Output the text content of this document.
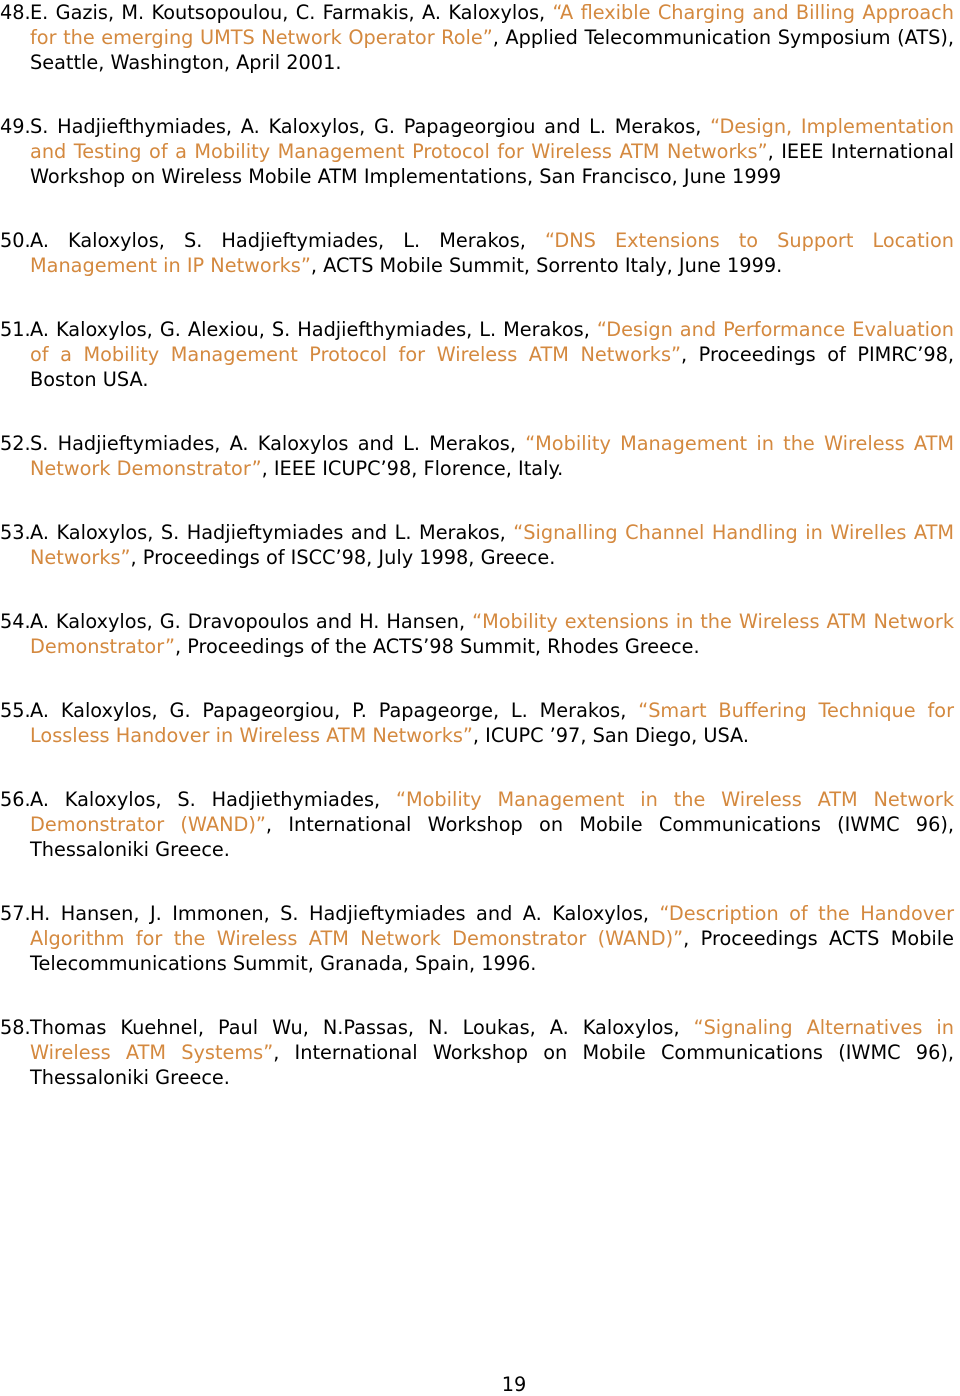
48. E. Gazis, M. Koutsopoulou, C. Farmakis, A. Kaloxylos, “A flexible Charging and Billing Approach for the emerging UMTS Network Operator Role”, Applied Telecommunication Symposium (ATS), Seattle, Washington, April 2001.
49. S. Hadjiefthymiades, A. Kaloxylos, G. Papageorgiou and L. Merakos, “Design, Implementation and Testing of a Mobility Management Protocol for Wireless ATM Networks”, IEEE International Workshop on Wireless Mobile ATM Implementations, San Francisco, June 1999
50. A. Kaloxylos, S. Hadjieftymiades, L. Merakos, “DNS Extensions to Support Location Management in IP Networks”, ACTS Mobile Summit, Sorrento Italy, June 1999.
51. A. Kaloxylos, G. Alexiou, S. Hadjiefthymiades, L. Merakos, “Design and Performance Evaluation of a Mobility Management Protocol for Wireless ATM Networks”, Proceedings of PIMRC’98, Boston USA.
52. S. Hadjieftymiades, A. Kaloxylos and L. Merakos, “Mobility Management in the Wireless ATM Network Demonstrator”, IEEE ICUPC’98, Florence, Italy.
53. A. Kaloxylos, S. Hadjieftymiades and L. Merakos, “Signalling Channel Handling in Wirelles ATM Networks”, Proceedings of ISCC’98, July 1998, Greece.
54. A. Kaloxylos, G. Dravopoulos and H. Hansen, “Mobility extensions in the Wireless ATM Network Demonstrator”, Proceedings of the ACTS’98 Summit, Rhodes Greece.
55. A. Kaloxylos, G. Papageorgiou, P. Papageorge, L. Merakos, “Smart Buffering Technique for Lossless Handover in Wireless ATM Networks”, ICUPC ’97, San Diego, USA.
56. A. Kaloxylos, S. Hadjiethymiades, “Mobility Management in the Wireless ATM Network Demonstrator (WAND)”, International Workshop on Mobile Communications (IWMC 96), Thessaloniki Greece.
57. H. Hansen, J. Immonen, S. Hadjieftymiades and A. Kaloxylos, “Description of the Handover Algorithm for the Wireless ATM Network Demonstrator (WAND)”, Proceedings ACTS Mobile Telecommunications Summit, Granada, Spain, 1996.
58. Thomas Kuehnel, Paul Wu, N.Passas, N. Loukas, A. Kaloxylos, “Signaling Alternatives in Wireless ATM Systems”, International Workshop on Mobile Communications (IWMC 96), Thessaloniki Greece.
19
